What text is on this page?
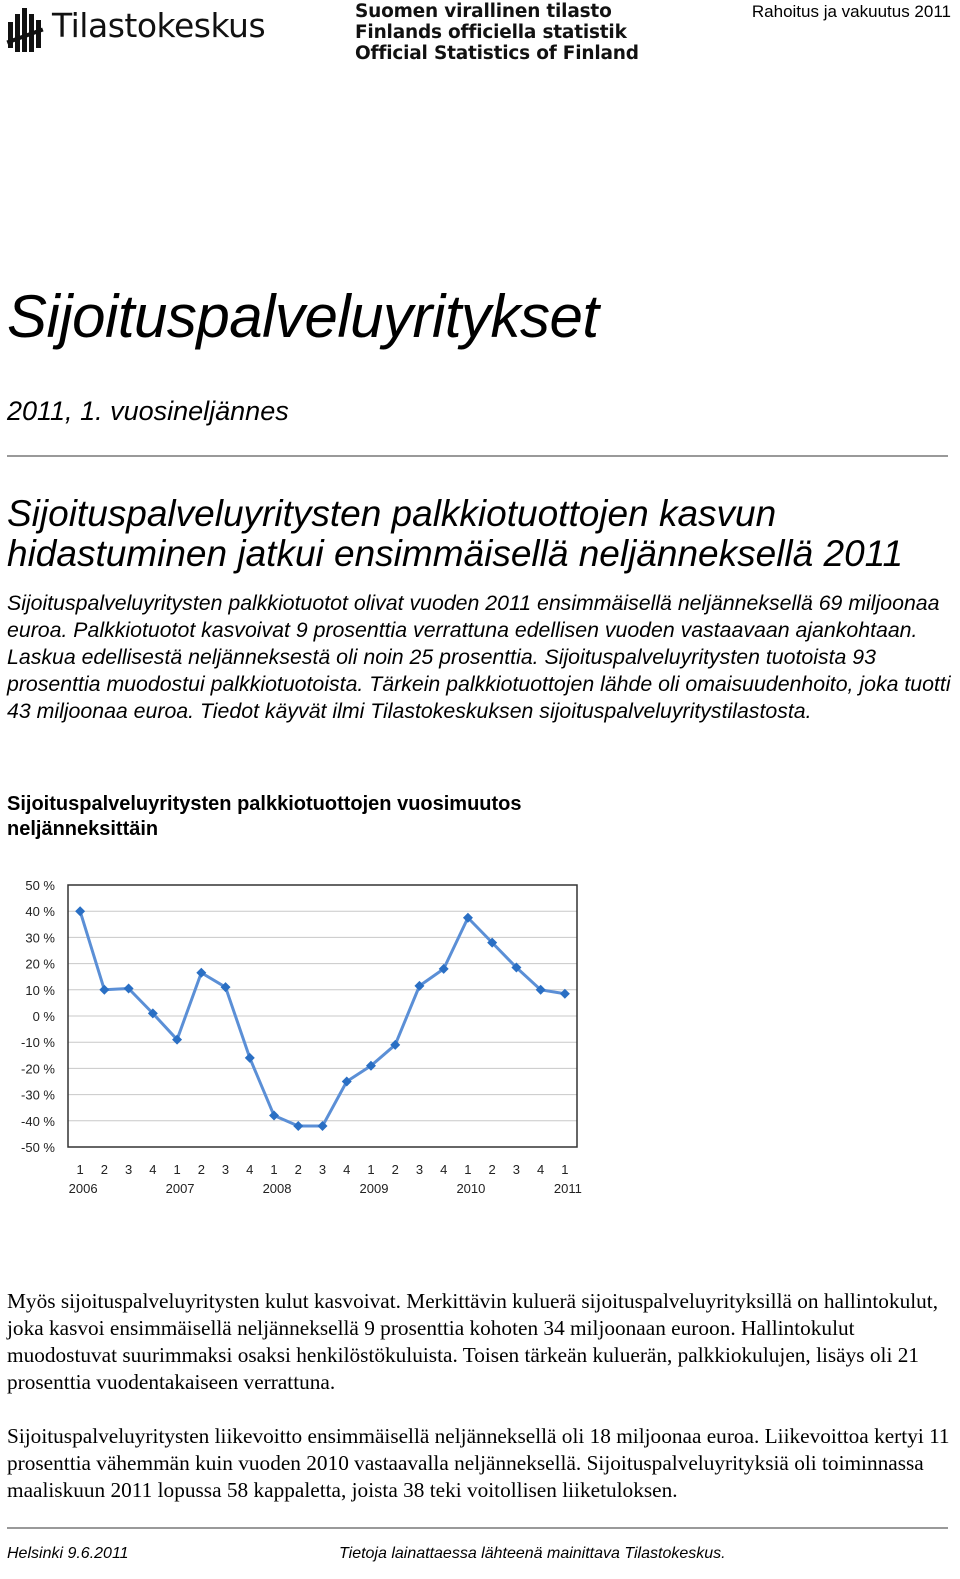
Tilastokeskus	Suomen virallinen tilasto
Finlands officiella statistik
Official Statistics of Finland
Rahoitus ja vakuutus 2011
Sijoituspalveluyritykset
2011, 1. vuosineljännes
Sijoituspalveluyritysten palkkiotuottojen kasvun hidastuminen jatkui ensimmäisellä neljänneksellä 2011
Sijoituspalveluyritysten palkkiotuotot olivat vuoden 2011 ensimmäisellä neljänneksellä 69 miljoonaa euroa. Palkkiotuotot kasvoivat 9 prosenttia verrattuna edellisen vuoden vastaavaan ajankohtaan. Laskua edellisestä neljänneksestä oli noin 25 prosenttia. Sijoituspalveluyritysten tuotoista 93 prosenttia muodostui palkkiotuotoista. Tärkein palkkiotuottojen lähde oli omaisuudenhoito, joka tuotti 43 miljoonaa euroa. Tiedot käyvät ilmi Tilastokeskuksen sijoituspalveluyritystilastosta.
Sijoituspalveluyritysten palkkiotuottojen vuosimuutos neljänneksittäin
50 %
40 %
30 %
20 %
10 %
0 %
-10 %
-20 %
-30 %
-40 %
-50 %
1 2 3 4 1 2 3 4 1 2 3 4 1 2 3 4 1 2 3 4 1
2006	2007	2008	2009	2010	2011
Myös sijoituspalveluyritysten kulut kasvoivat. Merkittävin kuluerä sijoituspalveluyrityksillä on hallintokulut, joka kasvoi ensimmäisellä neljänneksellä 9 prosenttia kohoten 34 miljoonaan euroon. Hallintokulut muodostuvat suurimmaksi osaksi henkilöstökuluista. Toisen tärkeän kuluerän, palkkiokulujen, lisäys oli 21 prosenttia vuodentakaiseen verrattuna.
Sijoituspalveluyritysten liikevoitto ensimmäisellä neljänneksellä oli 18 miljoonaa euroa. Liikevoittoa kertyi 11 prosenttia vähemmän kuin vuoden 2010 vastaavalla neljänneksellä. Sijoituspalveluyrityksiä oli toiminnassa maaliskuun 2011 lopussa 58 kappaletta, joista 38 teki voitollisen liiketuloksen.
Helsinki 9.6.2011	Tietoja lainattaessa lähteenä mainittava Tilastokeskus.
